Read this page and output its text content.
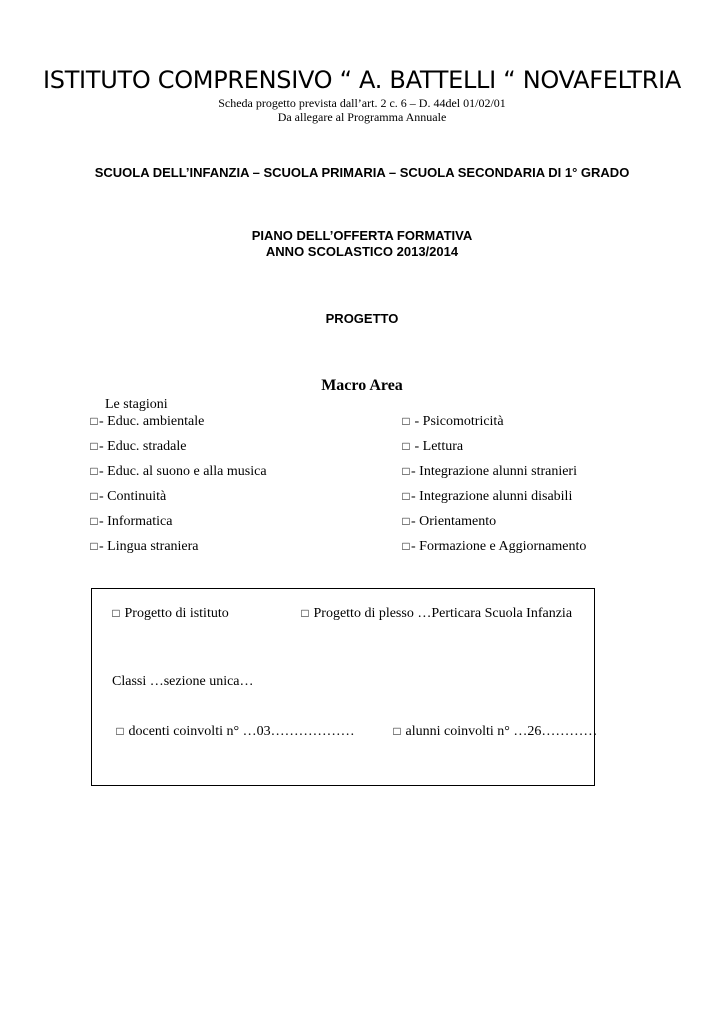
ISTITUTO COMPRENSIVO “ A. BATTELLI “ NOVAFELTRIA
Scheda progetto prevista dall’art. 2 c. 6 – D. 44del 01/02/01
Da allegare al Programma Annuale
SCUOLA DELL’INFANZIA – SCUOLA PRIMARIA – SCUOLA SECONDARIA DI 1° GRADO
PIANO DELL’OFFERTA FORMATIVA
ANNO SCOLASTICO 2013/2014
PROGETTO
Macro Area
Le stagioni
□- Educ. ambientale
□- Educ. stradale
□- Educ. al suono e alla musica
□- Continuità
□- Informatica
□- Lingua straniera
□ - Psicomotricità
□ - Lettura
□- Integrazione alunni stranieri
□- Integrazione alunni disabili
□- Orientamento
□- Formazione e Aggiornamento
□ Progetto di istituto	□ Progetto di plesso …Perticara Scuola Infanzia
Classi …sezione unica…
□ docenti coinvolti n° …03………………	□ alunni coinvolti n° …26…………
